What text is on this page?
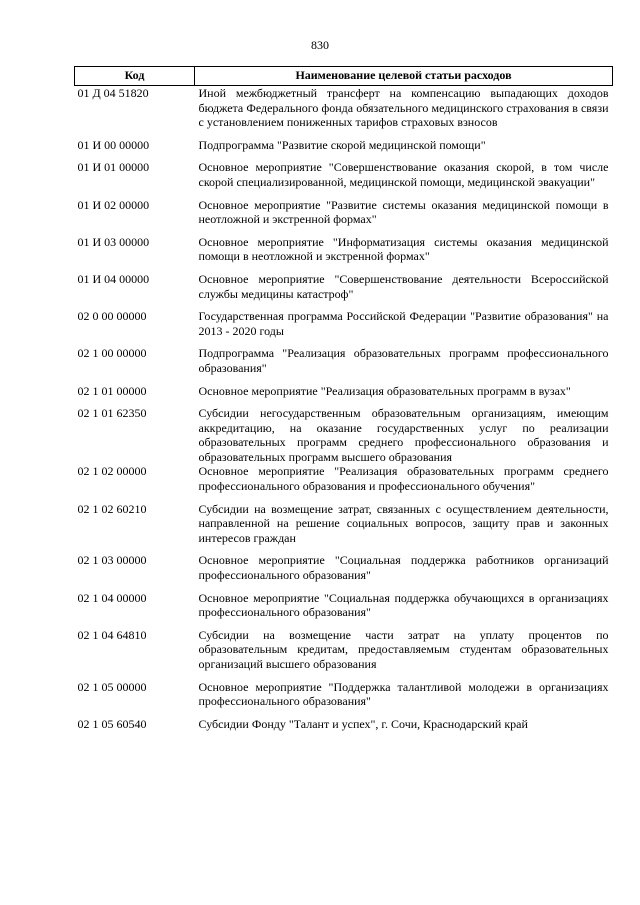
830
Код	Наименование целевой статьи расходов
01 Д 04 51820	Иной межбюджетный трансферт на компенсацию выпадающих доходов бюджета Федерального фонда обязательного медицинского страхования в связи с установлением пониженных тарифов страховых взносов
01 И 00 00000	Подпрограмма "Развитие скорой медицинской помощи"
01 И 01 00000	Основное мероприятие "Совершенствование оказания скорой, в том числе скорой специализированной, медицинской помощи, медицинской эвакуации"
01 И 02 00000	Основное мероприятие "Развитие системы оказания медицинской помощи в неотложной и экстренной формах"
01 И 03 00000	Основное мероприятие "Информатизация системы оказания медицинской помощи в неотложной и экстренной формах"
01 И 04 00000	Основное мероприятие "Совершенствование деятельности Всероссийской службы медицины катастроф"
02 0 00 00000	Государственная программа Российской Федерации "Развитие образования" на 2013 - 2020 годы
02 1 00 00000	Подпрограмма "Реализация образовательных программ профессионального образования"
02 1 01 00000	Основное мероприятие "Реализация образовательных программ в вузах"
02 1 01 62350	Субсидии негосударственным образовательным организациям, имеющим аккредитацию, на оказание государственных услуг по реализации образовательных программ среднего профессионального образования и образовательных программ высшего образования
02 1 02 00000	Основное мероприятие "Реализация образовательных программ среднего профессионального образования и профессионального обучения"
02 1 02 60210	Субсидии на возмещение затрат, связанных с осуществлением деятельности, направленной на решение социальных вопросов, защиту прав и законных интересов граждан
02 1 03 00000	Основное мероприятие "Социальная поддержка работников организаций профессионального образования"
02 1 04 00000	Основное мероприятие "Социальная поддержка обучающихся в организациях профессионального образования"
02 1 04 64810	Субсидии на возмещение части затрат на уплату процентов по образовательным кредитам, предоставляемым студентам образовательных организаций высшего образования
02 1 05 00000	Основное мероприятие "Поддержка талантливой молодежи в организациях профессионального образования"
02 1 05 60540	Субсидии Фонду "Талант и успех", г. Сочи, Краснодарский край
